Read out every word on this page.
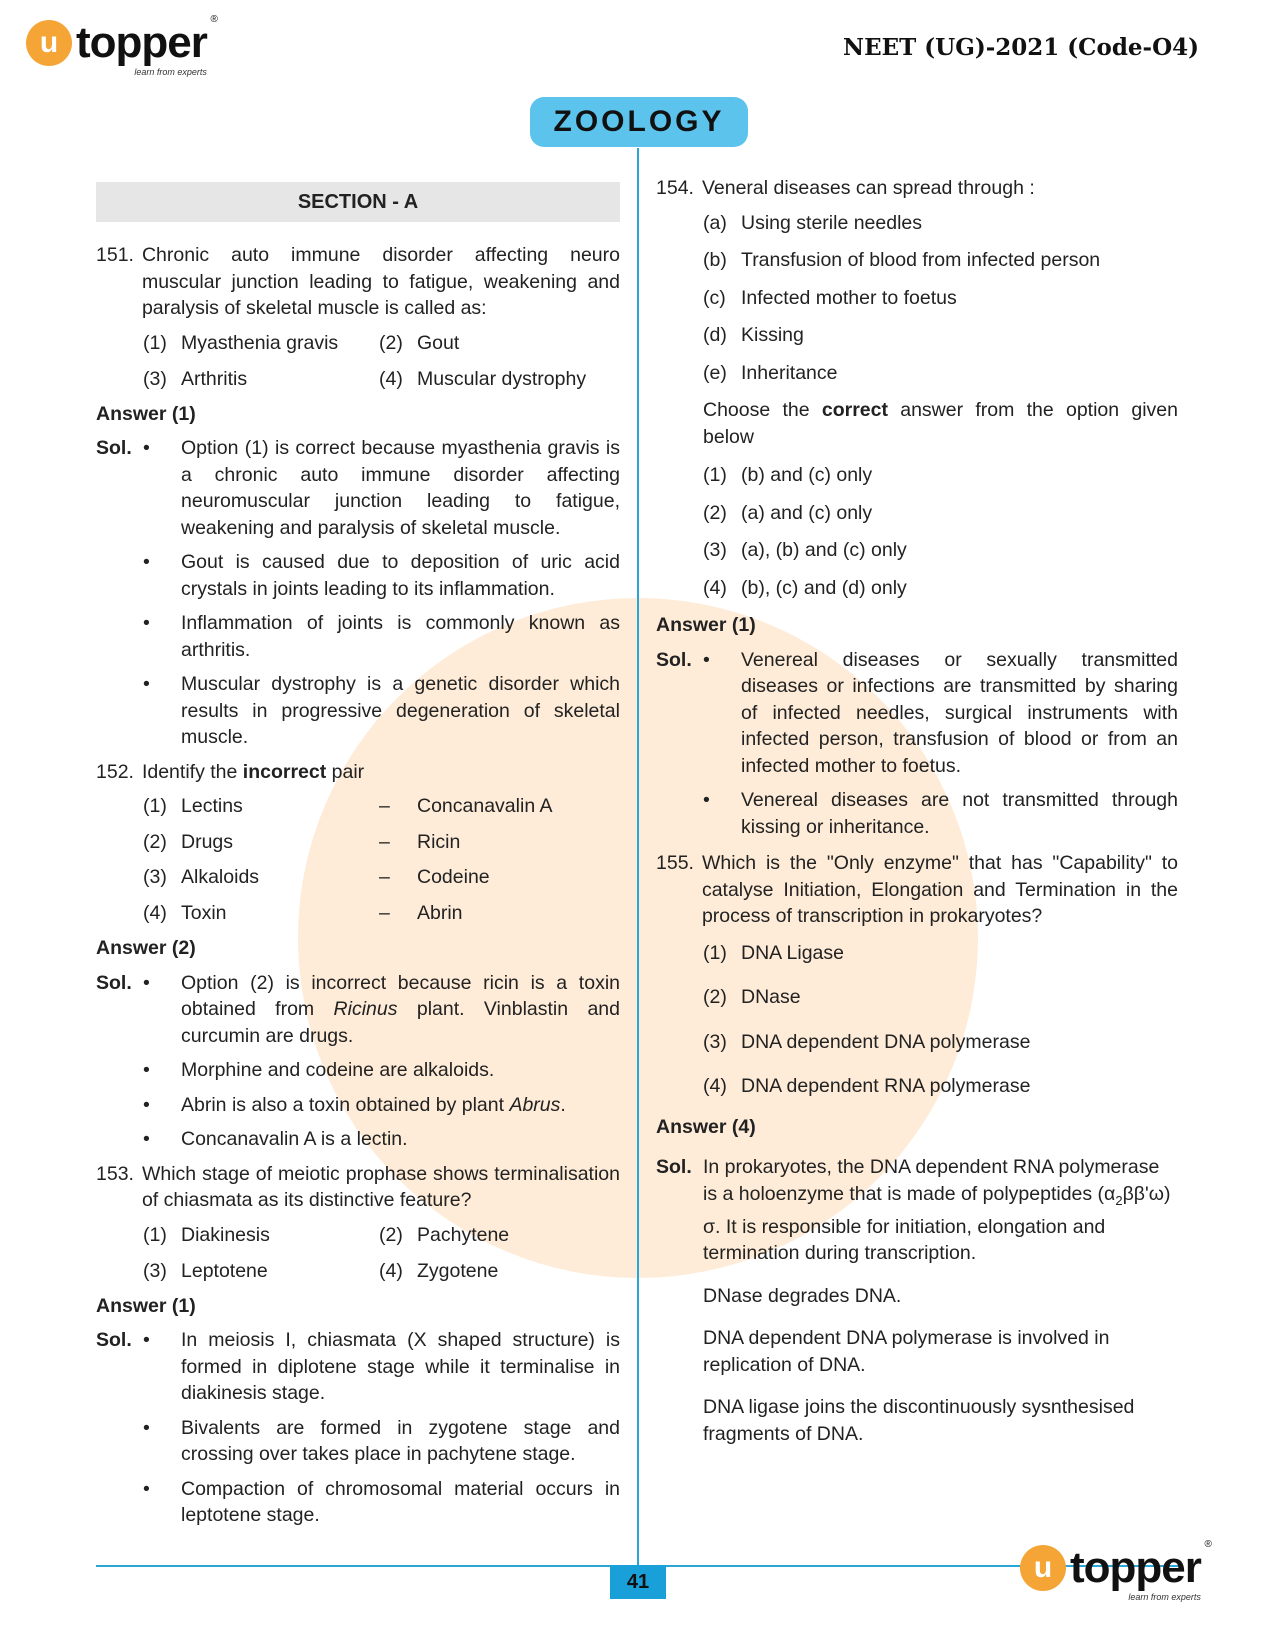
u topper ®
learn from experts
NEET (UG)-2021 (Code-O4)
ZOOLOGY
SECTION - A
151. Chronic auto immune disorder affecting neuro muscular junction leading to fatigue, weakening and paralysis of skeletal muscle is called as:
(1) Myasthenia gravis (2) Gout
(3) Arthritis	(4) Muscular dystrophy
Answer (1)
Sol. •	Option (1) is correct because myasthenia gravis is a chronic auto immune disorder affecting neuromuscular junction leading to fatigue, weakening and paralysis of skeletal muscle.
•	Gout is caused due to deposition of uric acid crystals in joints leading to its inflammation.
•	Inflammation of joints is commonly known as arthritis.
•	Muscular dystrophy is a genetic disorder which results in progressive degeneration of skeletal muscle.
152. Identify the incorrect pair
(1) Lectins	–	Concanavalin A
(2) Drugs	–	Ricin
(3) Alkaloids	–	Codeine
(4) Toxin	–	Abrin
Answer (2)
Sol. •	Option (2) is incorrect because ricin is a toxin obtained from Ricinus plant. Vinblastin and curcumin are drugs.
•	Morphine and codeine are alkaloids.
•	Abrin is also a toxin obtained by plant Abrus.
•	Concanavalin A is a lectin.
153. Which stage of meiotic prophase shows terminalisation of chiasmata as its distinctive feature?
(1) Diakinesis	(2) Pachytene
(3) Leptotene	(4) Zygotene
Answer (1)
Sol. •	In meiosis I, chiasmata (X shaped structure) is formed in diplotene stage while it terminalise in diakinesis stage.
•	Bivalents are formed in zygotene stage and crossing over takes place in pachytene stage.
•	Compaction of chromosomal material occurs in leptotene stage.
154. Veneral diseases can spread through :
(a) Using sterile needles
(b) Transfusion of blood from infected person
(c) Infected mother to foetus
(d) Kissing
(e) Inheritance
Choose the correct answer from the option given below
(1) (b) and (c) only
(2) (a) and (c) only
(3) (a), (b) and (c) only
(4) (b), (c) and (d) only
Answer (1)
Sol. •	Venereal diseases or sexually transmitted diseases or infections are transmitted by sharing of infected needles, surgical instruments with infected person, transfusion of blood or from an infected mother to foetus.
•	Venereal diseases are not transmitted through kissing or inheritance.
155. Which is the "Only enzyme" that has "Capability" to catalyse Initiation, Elongation and Termination in the process of transcription in prokaryotes?
(1) DNA Ligase
(2) DNase
(3) DNA dependent DNA polymerase
(4) DNA dependent RNA polymerase
Answer (4)
Sol. In prokaryotes, the DNA dependent RNA polymerase is a holoenzyme that is made of polypeptides $(\alpha_2\beta\beta'\omega)$ σ. It is responsible for initiation, elongation and termination during transcription.
DNase degrades DNA.
DNA dependent DNA polymerase is involved in replication of DNA.
DNA ligase joins the discontinuously sysnthesised fragments of DNA.
41	u topper ®
learn from experts
